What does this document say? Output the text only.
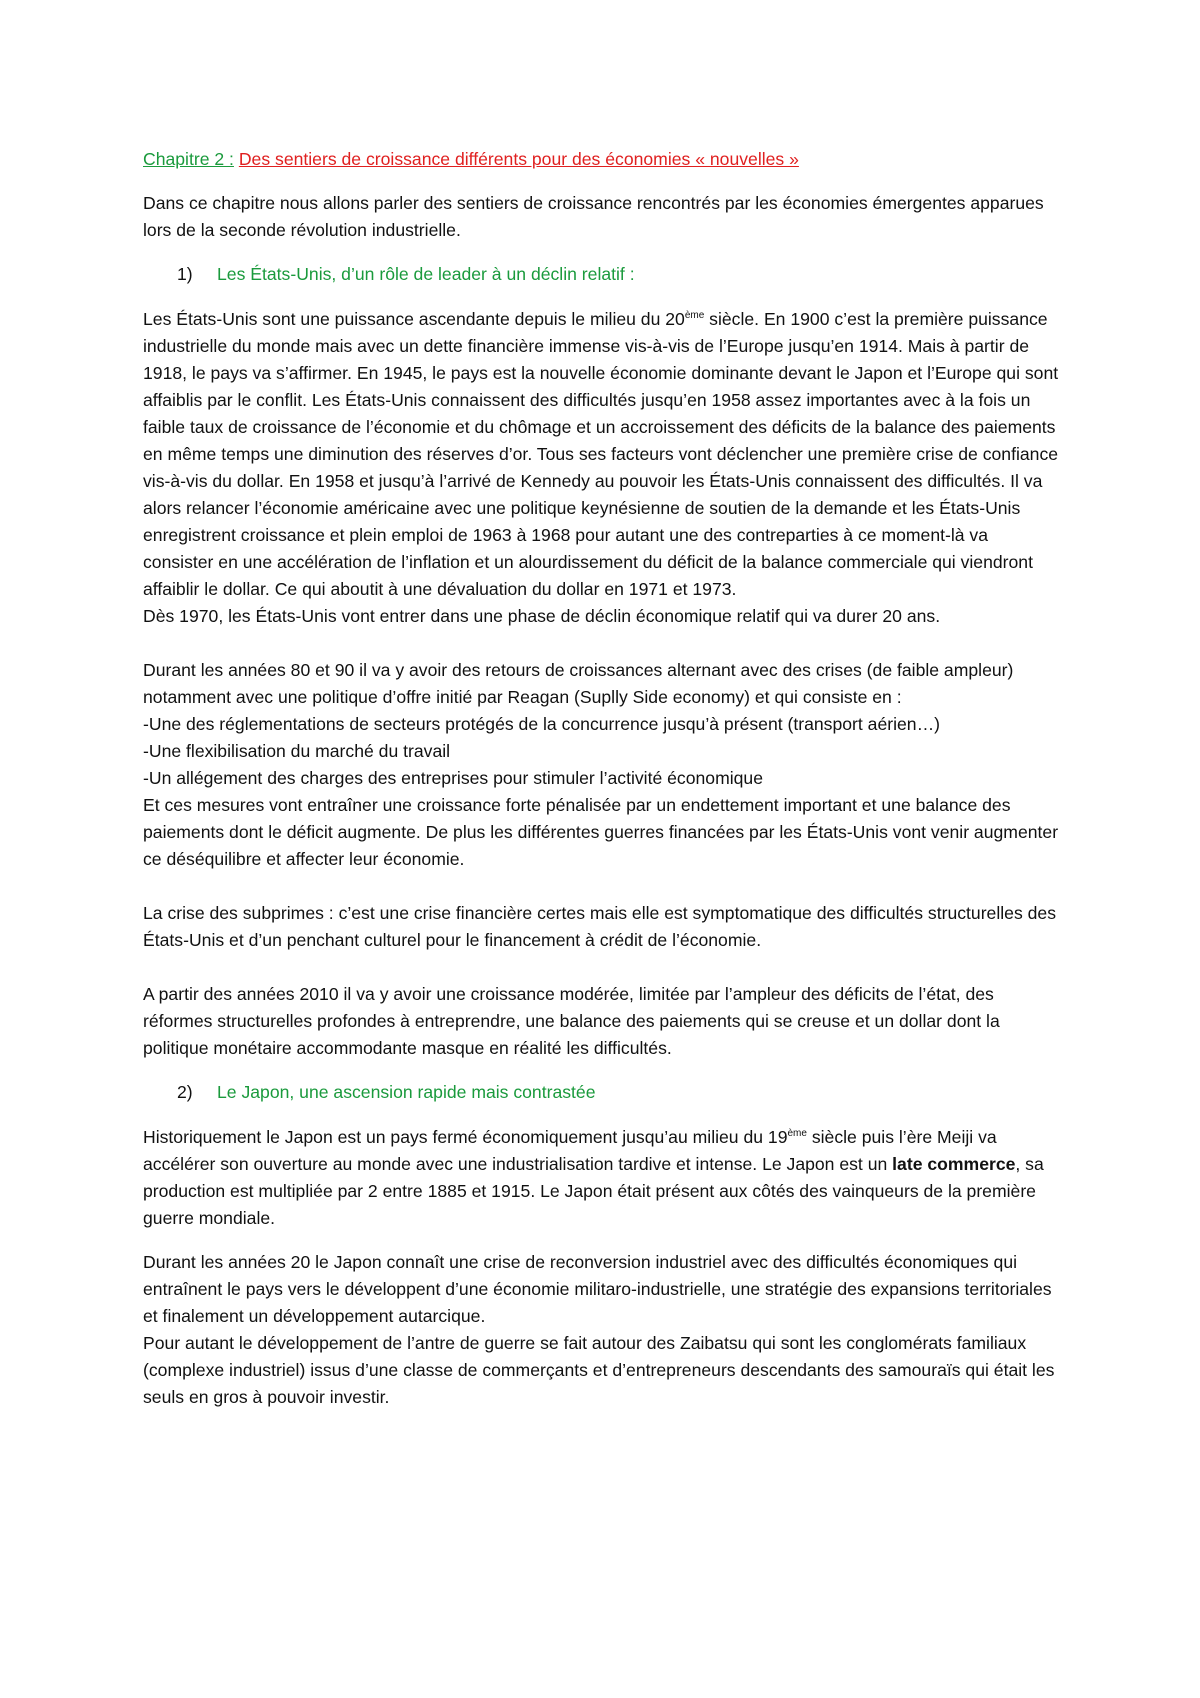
Chapitre 2 : Des sentiers de croissance différents pour des économies « nouvelles »

Dans ce chapitre nous allons parler des sentiers de croissance rencontrés par les économies émergentes apparues lors de la seconde révolution industrielle.

1)	Les États-Unis, d’un rôle de leader à un déclin relatif :

Les États-Unis sont une puissance ascendante depuis le milieu du 20ème siècle. En 1900 c’est la première puissance industrielle du monde mais avec un dette financière immense vis-à-vis de l’Europe jusqu’en 1914. Mais à partir de 1918, le pays va s’affirmer. En 1945, le pays est la nouvelle économie dominante devant le Japon et l’Europe qui sont affaiblis par le conflit. Les États-Unis connaissent des difficultés jusqu’en 1958 assez importantes avec à la fois un faible taux de croissance de l’économie et du chômage et un accroissement des déficits de la balance des paiements en même temps une diminution des réserves d’or. Tous ses facteurs vont déclencher une première crise de confiance vis-à-vis du dollar. En 1958 et jusqu’à l’arrivé de Kennedy au pouvoir les États-Unis connaissent des difficultés. Il va alors relancer l’économie américaine avec une politique keynésienne de soutien de la demande et les États-Unis enregistrent croissance et plein emploi de 1963 à 1968 pour autant une des contreparties à ce moment-là va consister en une accélération de l’inflation et un alourdissement du déficit de la balance commerciale qui viendront affaiblir le dollar. Ce qui aboutit à une dévaluation du dollar en 1971 et 1973.

Dès 1970, les États-Unis vont entrer dans une phase de déclin économique relatif qui va durer 20 ans.

Durant les années 80 et 90 il va y avoir des retours de croissances alternant avec des crises (de faible ampleur) notamment avec une politique d’offre initié par Reagan (Suplly Side economy) et qui consiste en :

-Une des réglementations de secteurs protégés de la concurrence jusqu’à présent (transport aérien…)

-Une flexibilisation du marché du travail

-Un allégement des charges des entreprises pour stimuler l’activité économique

Et ces mesures vont entraîner une croissance forte pénalisée par un endettement important et une balance des paiements dont le déficit augmente. De plus les différentes guerres financées par les États-Unis vont venir augmenter ce déséquilibre et affecter leur économie.

La crise des subprimes : c’est une crise financière certes mais elle est symptomatique des difficultés structurelles des États-Unis et d’un penchant culturel pour le financement à crédit de l’économie.

A partir des années 2010 il va y avoir une croissance modérée, limitée par l’ampleur des déficits de l’état, des réformes structurelles profondes à entreprendre, une balance des paiements qui se creuse et un dollar dont la politique monétaire accommodante masque en réalité les difficultés.

2)	Le Japon, une ascension rapide mais contrastée

Historiquement le Japon est un pays fermé économiquement jusqu’au milieu du 19ème siècle puis l’ère Meiji va accélérer son ouverture au monde avec une industrialisation tardive et intense. Le Japon est un late commerce, sa production est multipliée par 2 entre 1885 et 1915. Le Japon était présent aux côtés des vainqueurs de la première guerre mondiale.

Durant les années 20 le Japon connaît une crise de reconversion industriel avec des difficultés économiques qui entraînent le pays vers le développent d’une économie militaro-industrielle, une stratégie des expansions territoriales et finalement un développement autarcique.

Pour autant le développement de l’antre de guerre se fait autour des Zaibatsu qui sont les conglomérats familiaux (complexe industriel) issus d’une classe de commerçants et d’entrepreneurs descendants des samouraïs qui était les seuls en gros à pouvoir investir.
